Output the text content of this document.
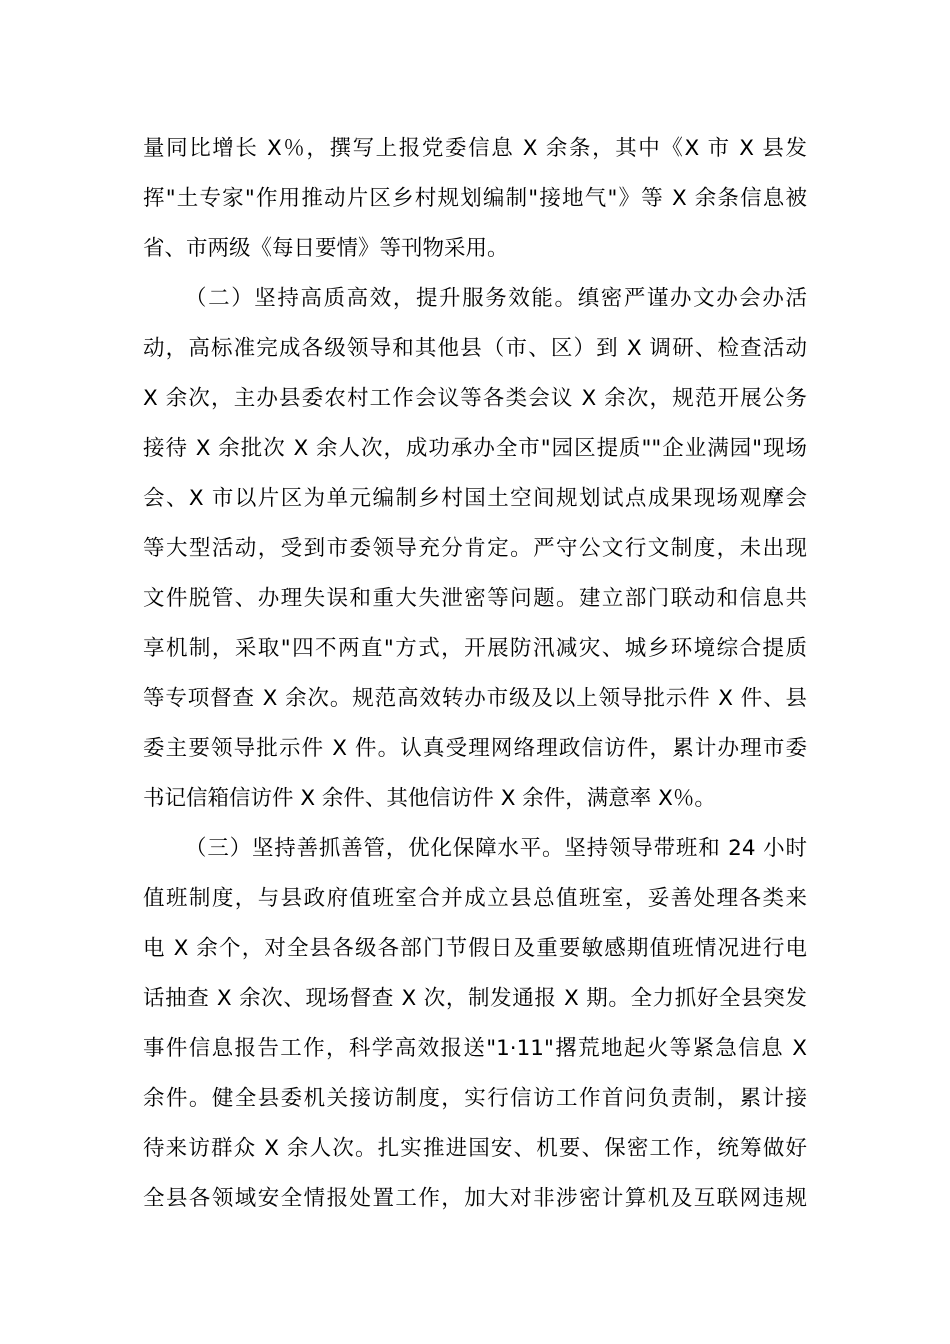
量同比增长 X％，撰写上报党委信息 X 余条，其中《X 市 X 县发
挥"土专家"作用推动片区乡村规划编制"接地气"》等 X 余条信息被
省、市两级《每日要情》等刊物采用。
（二）坚持高质高效，提升服务效能。缜密严谨办文办会办活
动，高标准完成各级领导和其他县（市、区）到 X 调研、检查活动
X 余次，主办县委农村工作会议等各类会议 X 余次，规范开展公务
接待 X 余批次 X 余人次，成功承办全市"园区提质""企业满园"现场
会、X 市以片区为单元编制乡村国土空间规划试点成果现场观摩会
等大型活动，受到市委领导充分肯定。严守公文行文制度，未出现
文件脱管、办理失误和重大失泄密等问题。建立部门联动和信息共
享机制，采取"四不两直"方式，开展防汛减灾、城乡环境综合提质
等专项督查 X 余次。规范高效转办市级及以上领导批示件 X 件、县
委主要领导批示件 X 件。认真受理网络理政信访件，累计办理市委
书记信箱信访件 X 余件、其他信访件 X 余件，满意率 X％。
（三）坚持善抓善管，优化保障水平。坚持领导带班和 24 小时
值班制度，与县政府值班室合并成立县总值班室，妥善处理各类来
电 X 余个，对全县各级各部门节假日及重要敏感期值班情况进行电
话抽查 X 余次、现场督查 X 次，制发通报 X 期。全力抓好全县突发
事件信息报告工作，科学高效报送"1·11"撂荒地起火等紧急信息 X
余件。健全县委机关接访制度，实行信访工作首问负责制，累计接
待来访群众 X 余人次。扎实推进国安、机要、保密工作，统筹做好
全县各领域安全情报处置工作，加大对非涉密计算机及互联网违规
